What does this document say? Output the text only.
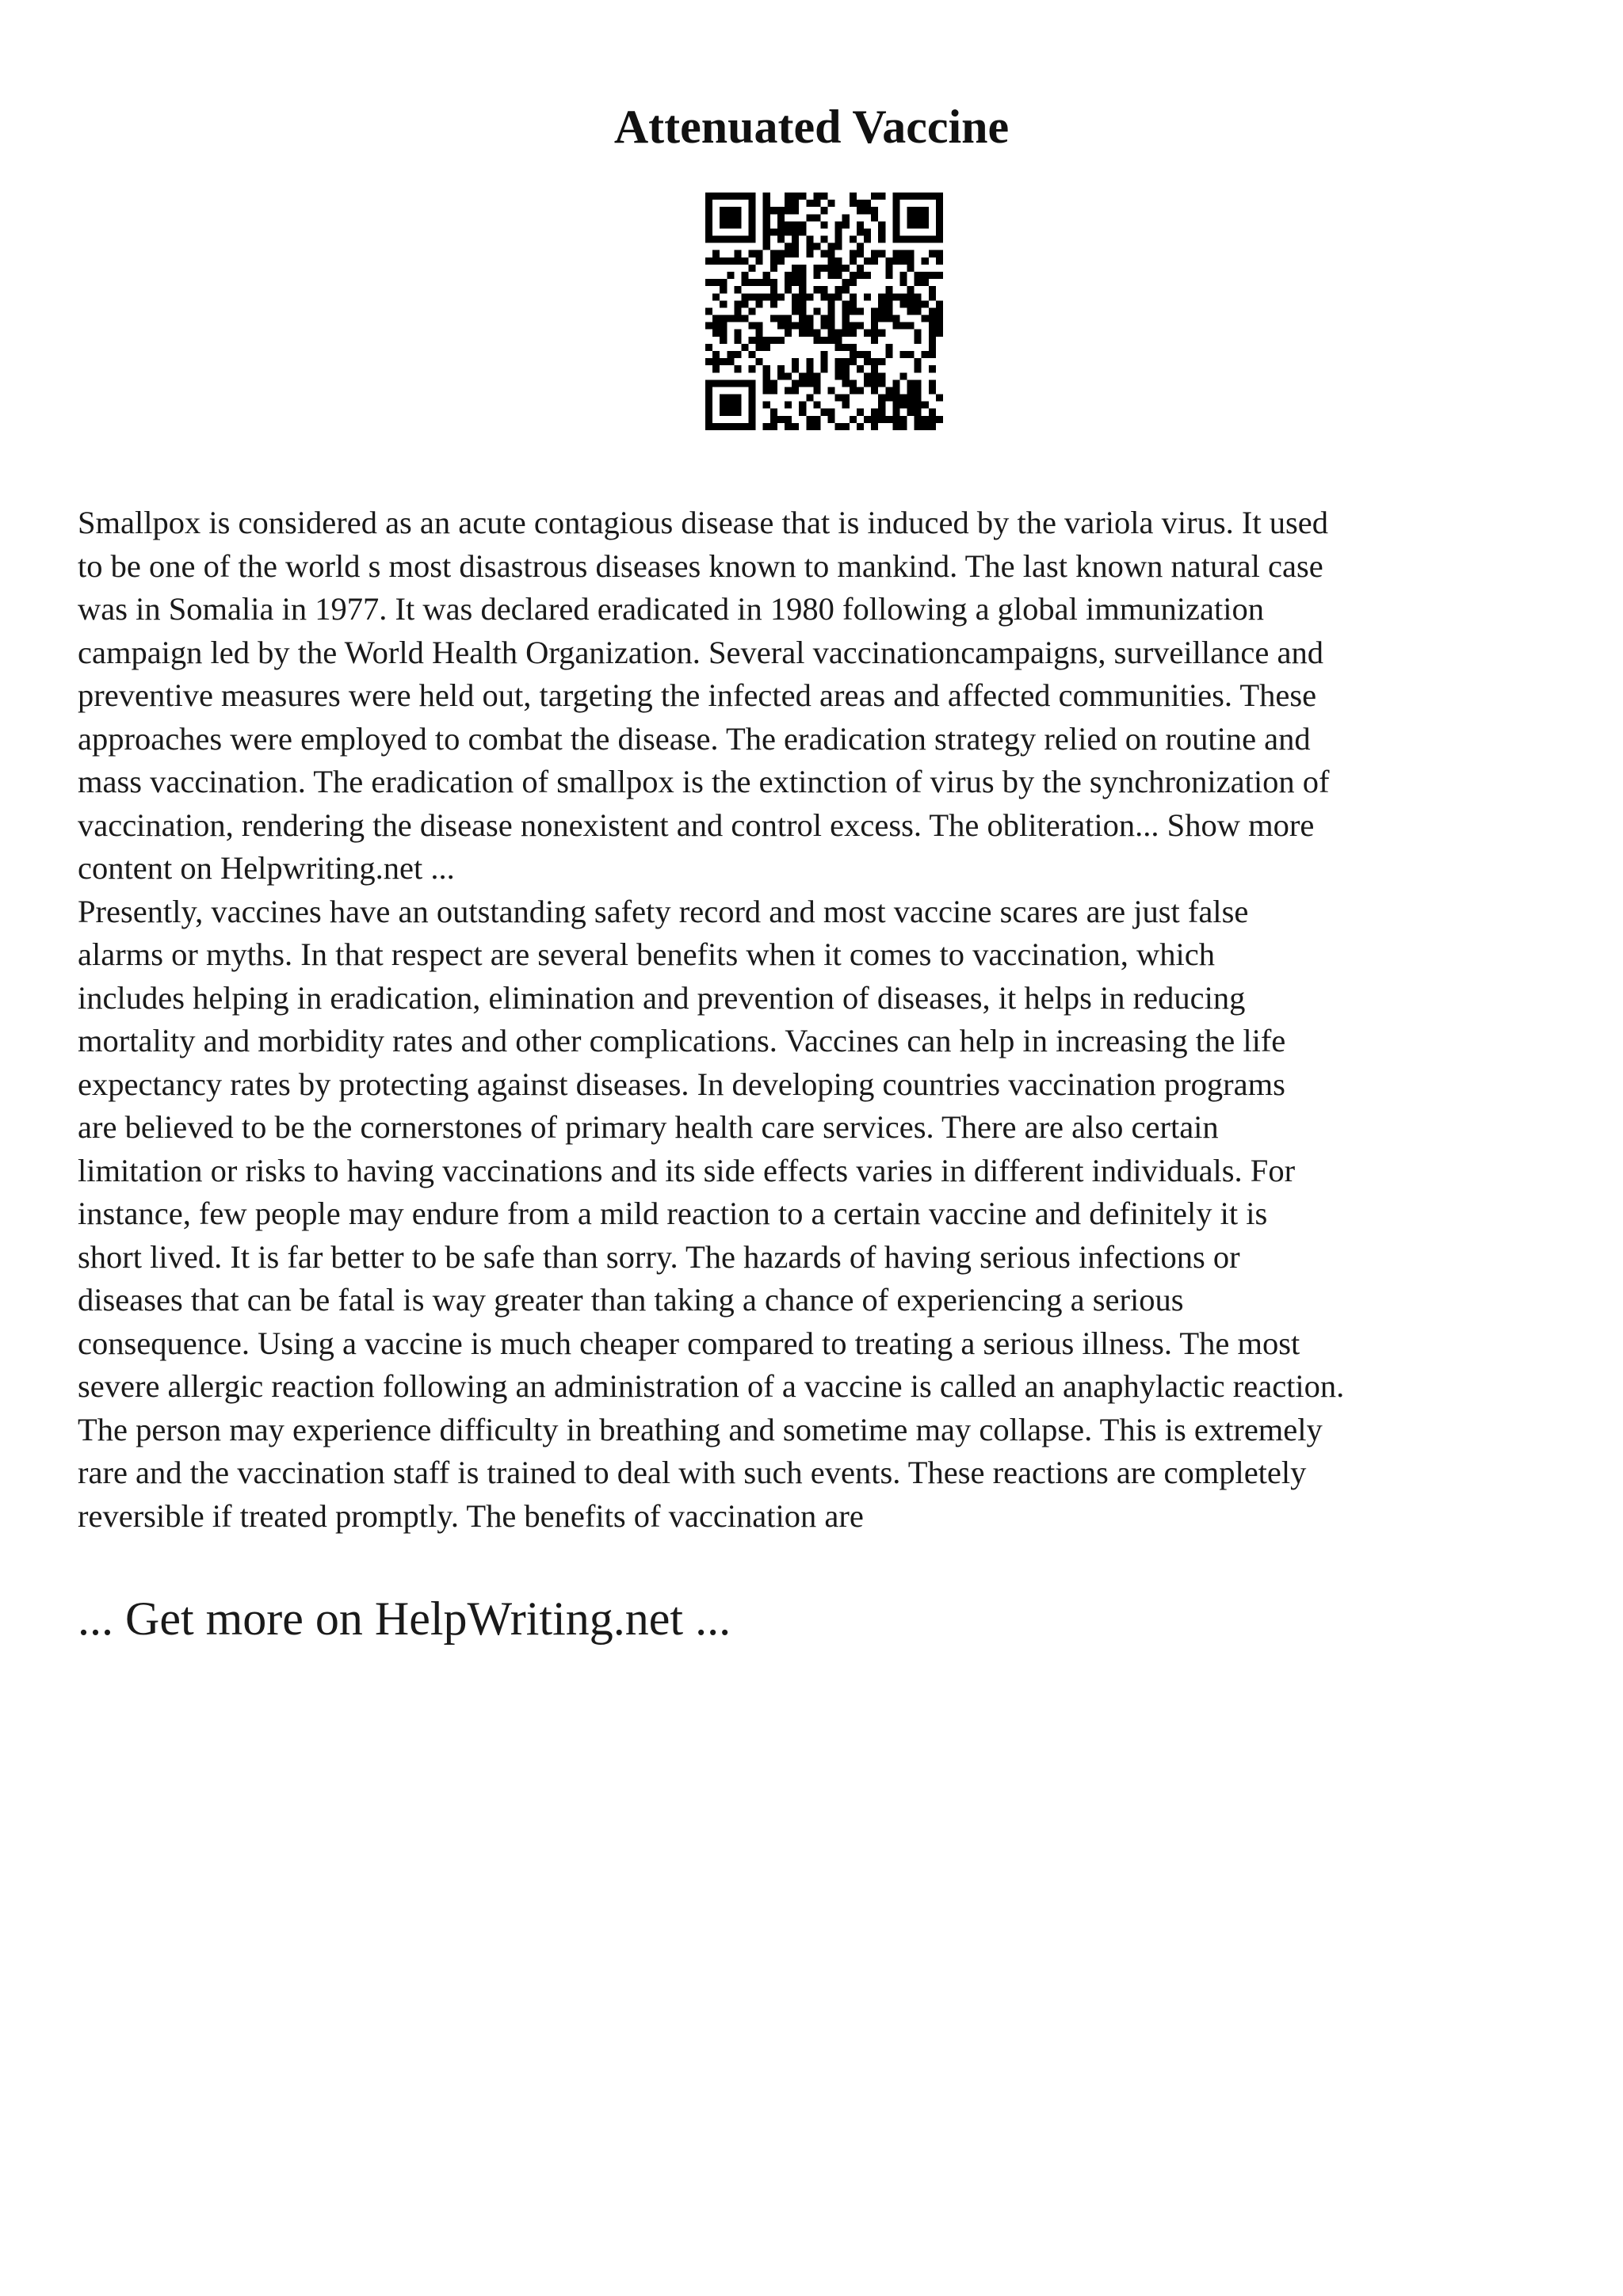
Attenuated Vaccine

Smallpox is considered as an acute contagious disease that is induced by the variola virus. It used
to be one of the world s most disastrous diseases known to mankind. The last known natural case
was in Somalia in 1977. It was declared eradicated in 1980 following a global immunization
campaign led by the World Health Organization. Several vaccinationcampaigns, surveillance and
preventive measures were held out, targeting the infected areas and affected communities. These
approaches were employed to combat the disease. The eradication strategy relied on routine and
mass vaccination. The eradication of smallpox is the extinction of virus by the synchronization of
vaccination, rendering the disease nonexistent and control excess. The obliteration... Show more
content on Helpwriting.net ...

Presently, vaccines have an outstanding safety record and most vaccine scares are just false
alarms or myths. In that respect are several benefits when it comes to vaccination, which
includes helping in eradication, elimination and prevention of diseases, it helps in reducing
mortality and morbidity rates and other complications. Vaccines can help in increasing the life
expectancy rates by protecting against diseases. In developing countries vaccination programs
are believed to be the cornerstones of primary health care services. There are also certain
limitation or risks to having vaccinations and its side effects varies in different individuals. For
instance, few people may endure from a mild reaction to a certain vaccine and definitely it is
short lived. It is far better to be safe than sorry. The hazards of having serious infections or
diseases that can be fatal is way greater than taking a chance of experiencing a serious
consequence. Using a vaccine is much cheaper compared to treating a serious illness. The most
severe allergic reaction following an administration of a vaccine is called an anaphylactic reaction.
The person may experience difficulty in breathing and sometime may collapse. This is extremely
rare and the vaccination staff is trained to deal with such events. These reactions are completely
reversible if treated promptly. The benefits of vaccination are

... Get more on HelpWriting.net ...
